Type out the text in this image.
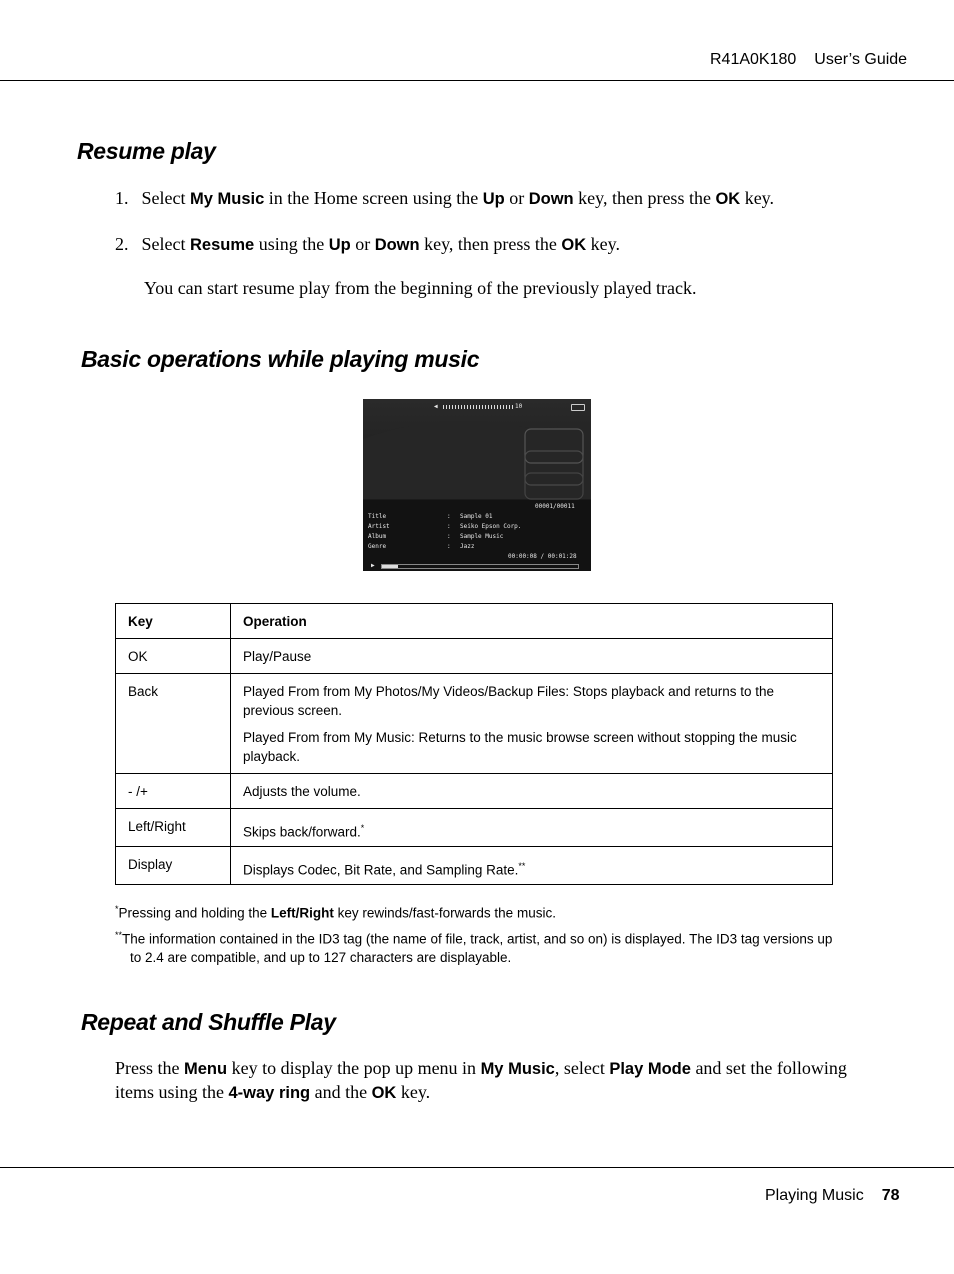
R41A0K180 User’s Guide
Resume play
1. Select My Music in the Home screen using the Up or Down key, then press the OK key.
2. Select Resume using the Up or Down key, then press the OK key.
You can start resume play from the beginning of the previously played track.
Basic operations while playing music
◀	10
00001/00011
Title	: Sample 01
Artist	: Seiko Epson Corp.
Album	: Sample Music
Genre	: Jazz
00:00:08 / 00:01:28
▶
Key	Operation

OK	Play/Pause

Back	Played From from My Photos/My Videos/Backup Files: Stops playback and returns to the previous screen.

Played From from My Music: Returns to the music browse screen without stopping the music playback.

- /+	Adjusts the volume.

Left/Right	Skips back/forward.*

Display	Displays Codec, Bit Rate, and Sampling Rate.**

*Pressing and holding the Left/Right key rewinds/fast-forwards the music.
**The information contained in the ID3 tag (the name of file, track, artist, and so on) is displayed. The ID3 tag versions up
to 2.4 are compatible, and up to 127 characters are displayable.
Repeat and Shuffle Play
Press the Menu key to display the pop up menu in My Music, select Play Mode and set the following
items using the 4-way ring and the OK key.
Playing Music 78
